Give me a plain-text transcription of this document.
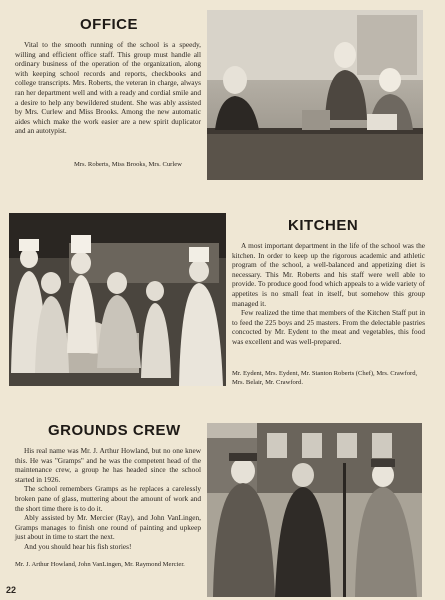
OFFICE
Vital to the smooth running of the school is a speedy, willing and efficient office staff. This group must handle all ordinary business of the operation of the organization, along with keeping school records and reports, checkbooks and college transcripts. Mrs. Roberts, the veteran in charge, always ran her department well and with a ready and cordial smile and a desire to help any bewildered student. She was ably assisted by Mrs. Curlew and Miss Brooks. Among the new automatic aides which make the work easier are a new spirit duplicator and an autotypist.
Mrs. Roberts, Miss Brooks, Mrs. Curlew
KITCHEN

A most important department in the life of the school was the kitchen. In order to keep up the rigorous academic and athletic program of the school, a well-balanced and appetizing diet is necessary. This Mr. Roberts and his staff were well able to provide. To produce good food which appeals to a wide variety of appetites is no small feat in itself, but somehow this group managed it.

Few realized the time that members of the Kitchen Staff put in to feed the 225 boys and 25 masters. From the delectable pastries concocted by Mr. Eydent to the meat and vegetables, this food was excellent and was well-prepared.

Mr. Eydent, Mrs. Eydent, Mr. Stanton Roberts (Chef), Mrs. Crawford, Mrs. Belair, Mr. Crawford.
GROUNDS CREW

His real name was Mr. J. Arthur Howland, but no one knew this. He was "Gramps" and he was the competent head of the maintenance crew, a group he has headed since the school started in 1926.

The school remembers Gramps as he replaces a carelessly broken pane of glass, muttering about the amount of work and the short time there is to do it.

Ably assisted by Mr. Mercier (Ray), and John VanLingen, Gramps manages to finish one round of painting and upkeep just about in time to start the next.

And you should hear his fish stories!

Mr. J. Arthur Howland, John VanLingen, Mr. Raymond Mercier.
22
